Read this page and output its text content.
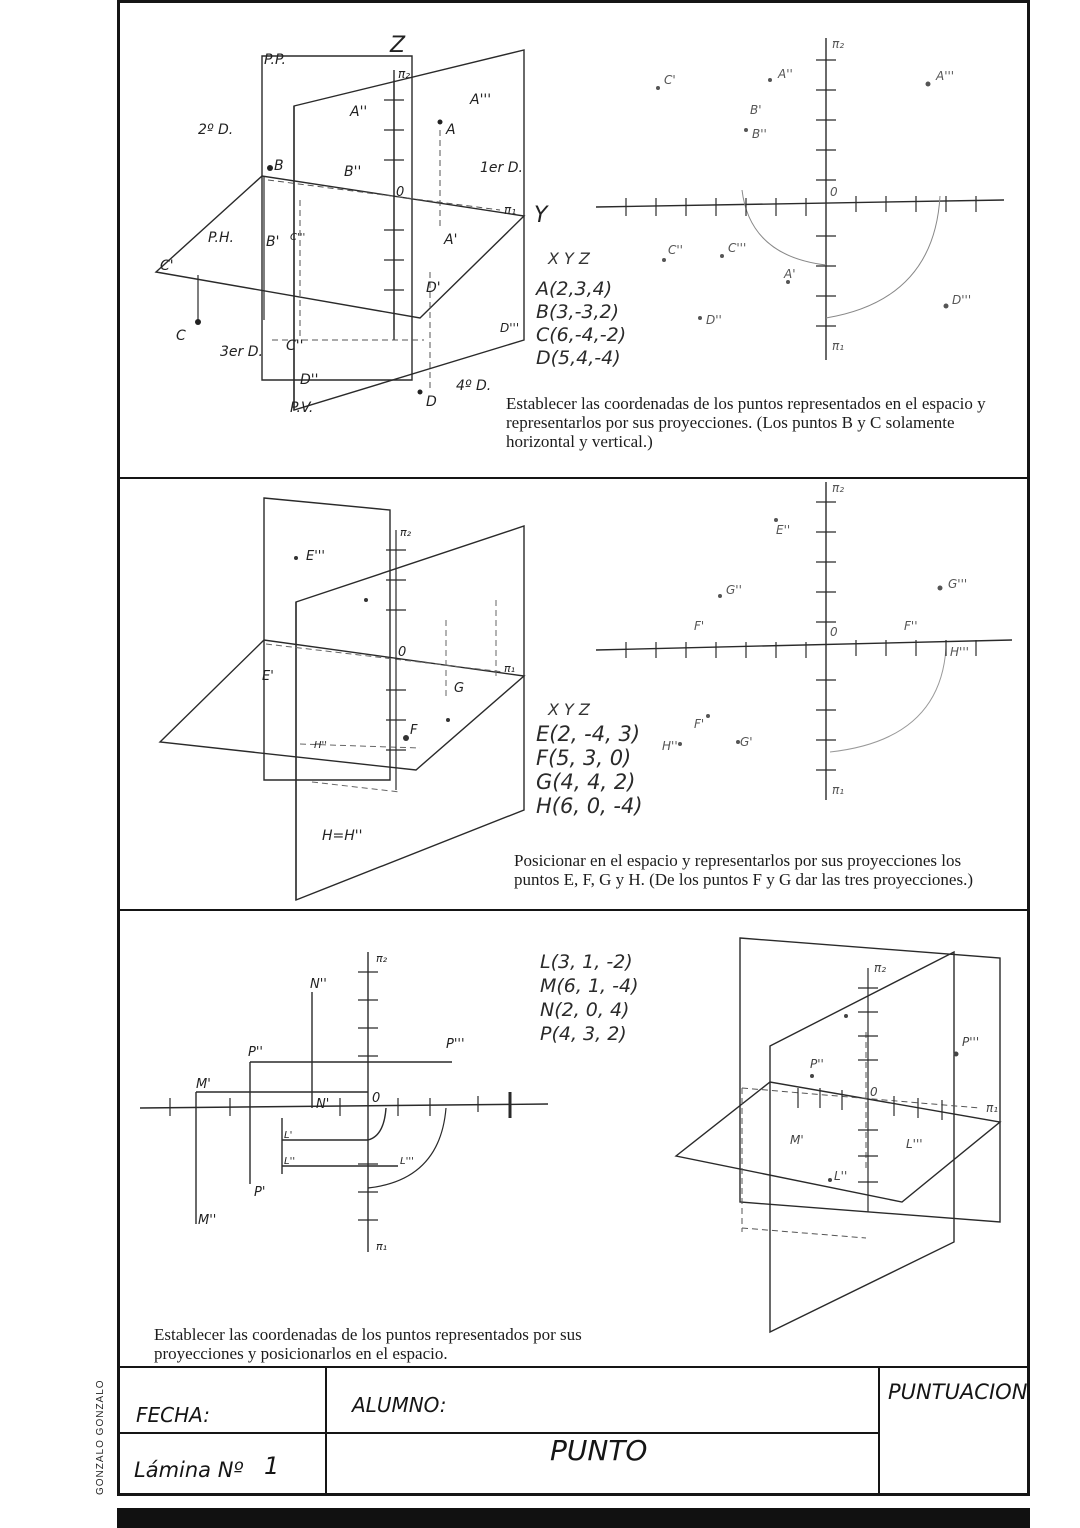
GONZALO GONZALO
P.P.
Z
π₂
2º D.
1er D.
π₁ Y
P.H.
3er D.
4º D.
P.V.
0
A
A''
A'''
A'
B
B'
B''
C
C'
C''
C'''
D
D'
D''
D'''
π₂
π₁
0
C'	A'''
A''
B'
B''
C''	C'''
A'
D'''
D''
X Y Z
A(2,3,4)
B(3,-3,2)
C(6,-4,-2)
D(5,4,-4)
Establecer las coordenadas de los puntos representados en el espacio y representarlos por sus proyecciones. (Los puntos B y C solamente horizontal y vertical.)
π₂
π₁
0
E'
E'''
F
G
H=H''
H''
π₂
π₁
0
E''
G''	G'''
F''
H'''
F'
F'
G'
H''
X Y Z
E(2, -4, 3)
F(5, 3, 0)
G(4, 4, 2)
H(6, 0, -4)
Posicionar en el espacio y representarlos por sus proyecciones los puntos E, F, G y H. (De los puntos F y G dar las tres proyecciones.)
π₂
π₁
0
M'
M''
N'
N''
L'
L''	L'''
P'
P''
P'''
π₂
π₁
0
P'''
P''
M'
L''
L'''
L(3, 1, -2)
M(6, 1, -4)
N(2, 0, 4)
P(4, 3, 2)
Establecer las coordenadas de los puntos representados por sus proyecciones y posicionarlos en el espacio.
FECHA:	ALUMNO:
PUNTUACION
Lámina Nº 1	PUNTO
